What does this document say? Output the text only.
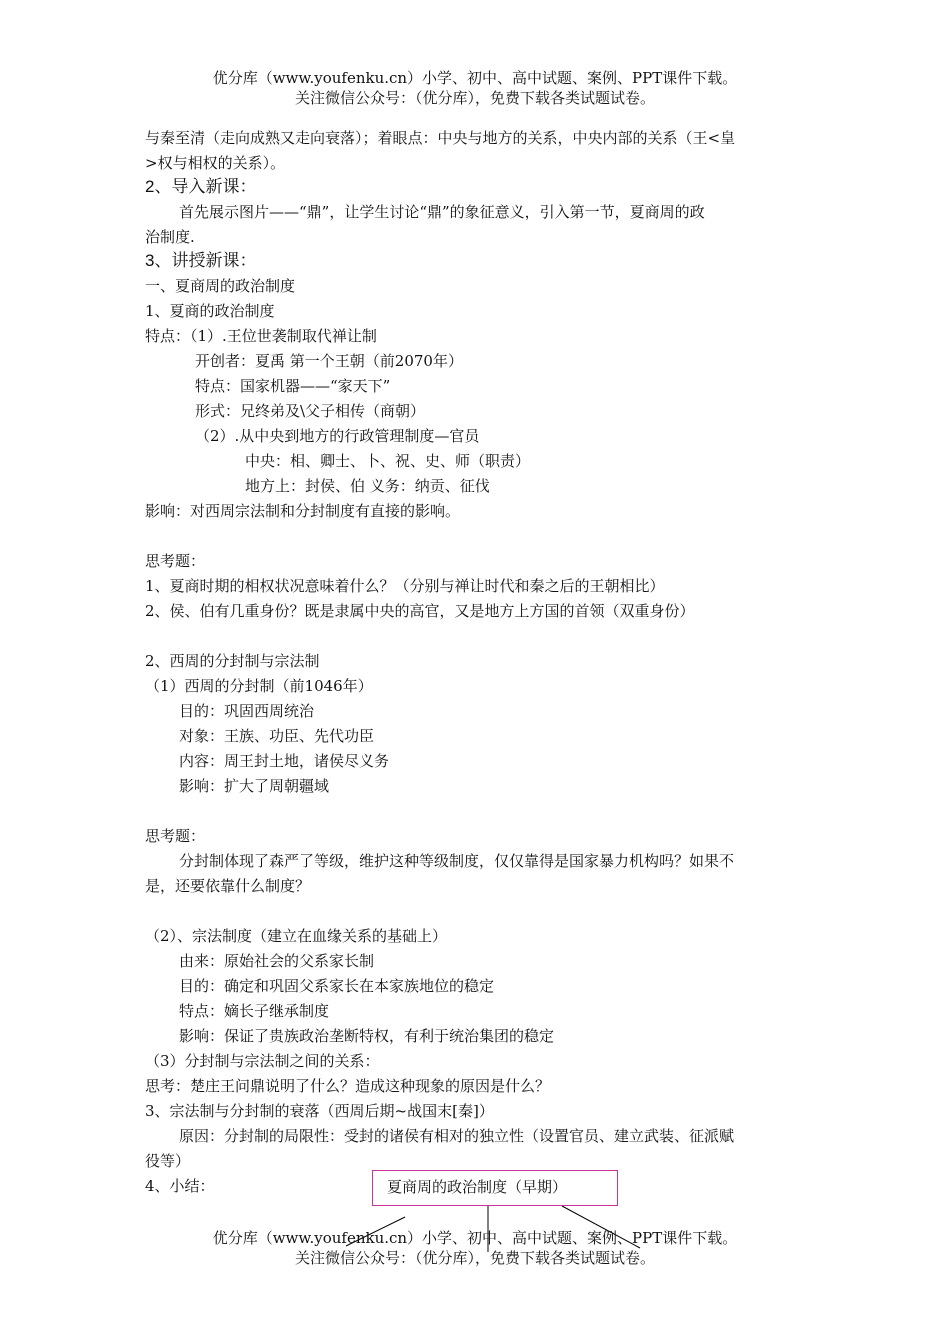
优分库（www.youfenku.cn）小学、初中、高中试题、案例、PPT课件下载。
关注微信公众号：（优分库），免费下载各类试题试卷。
与秦至清（走向成熟又走向衰落）；着眼点：中央与地方的关系，中央内部的关系（王<皇
>权与相权的关系）。
2、导入新课：
首先展示图片——“鼎”，让学生讨论“鼎”的象征意义，引入第一节，夏商周的政
治制度.
3、讲授新课：
一、夏商周的政治制度
1、夏商的政治制度
特点：（1）.王位世袭制取代禅让制
开创者：夏禹 第一个王朝（前2070年）
特点：国家机器——“家天下”
形式：兄终弟及\父子相传（商朝）
（2）.从中央到地方的行政管理制度—官员
中央：相、卿士、卜、祝、史、师（职责）
地方上：封侯、伯 义务：纳贡、征伐
影响：对西周宗法制和分封制度有直接的影响。
思考题：
1、夏商时期的相权状况意味着什么？（分别与禅让时代和秦之后的王朝相比）
2、侯、伯有几重身份？既是隶属中央的高官，又是地方上方国的首领（双重身份）
2、西周的分封制与宗法制
（1）西周的分封制（前1046年）
目的：巩固西周统治
对象：王族、功臣、先代功臣
内容：周王封土地，诸侯尽义务
影响：扩大了周朝疆域
思考题：
分封制体现了森严了等级，维护这种等级制度，仅仅靠得是国家暴力机构吗？如果不
是，还要依靠什么制度？
（2）、宗法制度（建立在血缘关系的基础上）
由来：原始社会的父系家长制
目的：确定和巩固父系家长在本家族地位的稳定
特点：嫡长子继承制度
影响：保证了贵族政治垄断特权，有利于统治集团的稳定
（3）分封制与宗法制之间的关系：
思考：楚庄王问鼎说明了什么？造成这种现象的原因是什么？
3、宗法制与分封制的衰落（西周后期~战国末[秦]）
原因：分封制的局限性：受封的诸侯有相对的独立性（设置官员、建立武装、征派赋
役等）
4、小结：	夏商周的政治制度（早期）
优分库（www.youfenku.cn）小学、初中、高中试题、案例、PPT课件下载。
关注微信公众号：（优分库），免费下载各类试题试卷。
